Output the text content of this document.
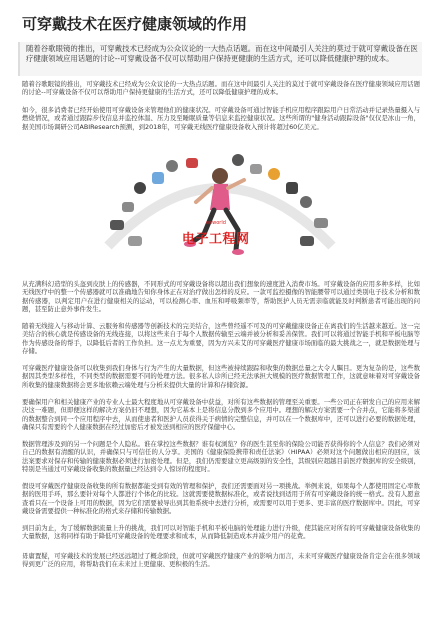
可穿戴技术在医疗健康领域的作用

随着谷歌眼镜的推出，可穿戴技术已经成为公众议论的一大热点话题。而在这中间最引人关注的莫过于就可穿戴设备在医疗健康领域应用话题的讨论--可穿戴设备不仅可以帮助用户保持更健康的生活方式，还可以降低健康护理的成本。

随着谷歌眼镜的推出，可穿戴技术已经成为公众议论的一大热点话题。而在这中间最引人关注的莫过于就可穿戴设备在医疗健康领域应用话题的讨论--可穿戴设备不仅可以帮助用户保持更健康的生活方式，还可以降低健康护理的成本。
如今，很多消费者已经开始使用可穿戴设备来管理他们的健康状况。可穿戴设备可通过智能手机应用程序跟踪用户日常活动并记录热量摄入与燃烧情况，或者通过跟踪步伐信息并监控体温、压力及至睡眠质量等信息来监控健康状况。这些所谓的"健身活动跟踪设备"仅仅是冰山一角，据美国市场调研公司ABIResearch预测，到2018年，可穿戴无线医疗健康设备收入预计将超过60亿美元。
eeworld
电子工程网
从充满科幻造型的头盔到皮肤上的传感器，不同形式的可穿戴设备将以超出我们想象的速度进入消费市场。可穿戴设备的应用多种多样，比如无线医疗中的整一个传感器就可以准确地告知你身体正在对治疗做出怎样的反应。一款可监控摄像的智能腰带可以通过类别电子技术分析和数据传感器，以判定用户在进行健康相关的运动，可以检测心率、血压和呼吸频率等，帮助医护人员无需亲临就能及时判断患者可能出现的问题，甚至防止意外事件发生。
随着无线接入与移动计算、云服务和传感器等创新技术的完美结合，这些曾经遥不可及的可穿戴健康设备正在离我们的生活越来越近。这一完美结合的核心就是传感设备的无线连接，以将这些来自于每个人数据传输至云端并被分析和妥善保管。我们可以将通过智能手机和平板电脑等作为传感设备的帮手，以降低后者的工作负担。这一点尤为重要，因为方兴未艾的可穿戴医疗健康市场面临的最大挑战之一，就是数据处理与存储。
可穿戴医疗健康设备可以收集到我们身体与行为产生的大量数据，但这些被持续跟踪和收集的数据总量之大令人瞩目。更为复杂的是，这些数据因其类型多样性，不同类型的数据需要不同的处理方法。很多私人诊所已经无法承担大规模的医疗数据管理工作，这就意味着对可穿戴设备所收集的健康数据将会更多地依赖云端处理与分析来提供大量的计算和存储资源。
要确保用户和相关健康产业的专业人士最大程度地从可穿戴设备中获益，对所有这些数据的管理至关重要。一些公司正在研发自己的应用来解决这一难题，但即便这样的解决方案仍旧不理想，因为它基本上是将信息分散到多个应用中。理想的解决方案需要一个合并点，它能将多渠道的数据整合到同一个应用程序中去，从而使患者和医护人员获得关于病情的完整信息，并可以在一个数据库中，还可以进行必要的数据处理，确保只有需要的个人健康数据在经过加密后才被发送到相应的医疗保健中心。
数据管理涉及到的另一个问题是个人隐私。谁在掌控这些数据？谁有权浏览？你的医生甚至你的保险公司能否获得你的个人信息？我们必须对自己的数据有清醒的认识，并确保只与可信任的人分享。美国的《健康保险携带和责任法案》（HIPAA）必须对这个问题做出相应的回应，该法案要求对保存和传输的健康数据必须进行加密处理。但是，我们仍需要建立更高级别的安全性，其级别应超越目前医疗数据库的安全级别，特别是当通过可穿戴设备收集的数据量已经达到令人惊讶的程度时。
假设可穿戴医疗健康设备收集的所有数据都能受到有效的管理和保护，我们还需要面对另一项挑战。举例来说，如果每个人都使用固定心率数据的医用手环，那么要针对每个人都进行个体化的比较。这就需要使数据标准化，或者说找到适用于所有可穿戴设备的统一格式。没有人愿意查看只在一个设备上可用的数据，因为它们需要被导出到其他系统中去进行分析，或需要可以用于更多、更丰富的医疗数据库中。因此，可穿戴设备需要提供一种标准化的格式来存储和传输数据。
到目前为止，为了缓解数据流量上升的挑战，我们可以对智能手机和平板电脑的处理能力进行升级，使其能应对所有的可穿戴健康设备收集的大量数据，这将同样有助于降低可穿戴设备的处理要求和成本，从而降低制造成本并减少用户的花费。
毋庸置疑，可穿戴技术的发展已经远远超过了概念阶段，但就可穿戴医疗健康产业的影响力而言，未来可穿戴医疗健康设备肯定会在很多领域得到更广泛的应用，将帮助我们在未来过上更健康、更积极的生活。
